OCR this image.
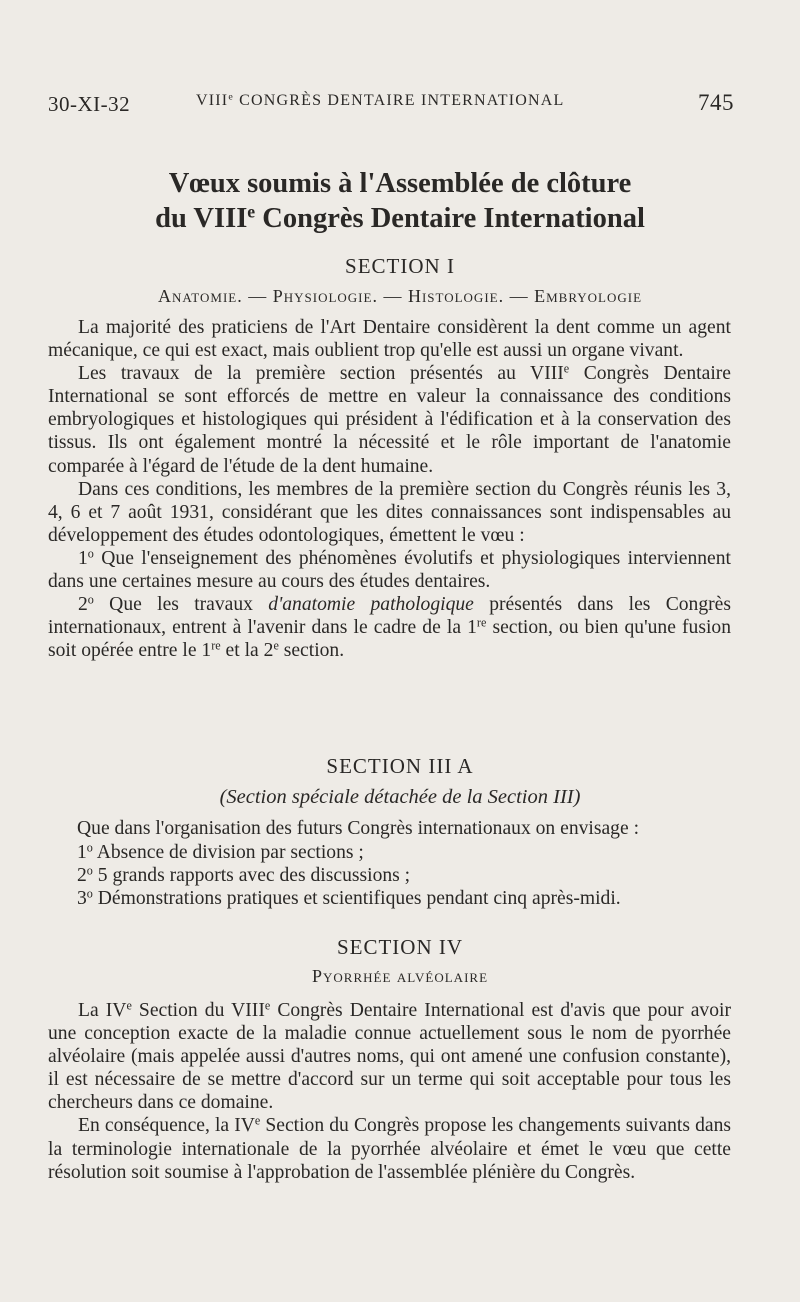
30-XI-32	VIIIe CONGRÈS DENTAIRE INTERNATIONAL	745
Vœux soumis à l'Assemblée de clôture
du VIIIe Congrès Dentaire International
SECTION I
Anatomie. — Physiologie. — Histologie. — Embryologie

La majorité des praticiens de l'Art Dentaire considèrent la dent comme un agent mécanique, ce qui est exact, mais oublient trop qu'elle est aussi un organe vivant.

Les travaux de la première section présentés au VIIIe Congrès Dentaire International se sont efforcés de mettre en valeur la connaissance des conditions embryologiques et histologiques qui président à l'édification et à la conservation des tissus. Ils ont également montré la nécessité et le rôle important de l'anatomie comparée à l'égard de l'étude de la dent humaine.

Dans ces conditions, les membres de la première section du Congrès réunis les 3, 4, 6 et 7 août 1931, considérant que les dites connaissances sont indispensables au développement des études odontologiques, émettent le vœu :

1$^o$ Que l'enseignement des phénomènes évolutifs et physiologiques interviennent dans une certaines mesure au cours des études dentaires.

2$^o$ Que les travaux d'anatomie pathologique présentés dans les Congrès internationaux, entrent à l'avenir dans le cadre de la 1re section, ou bien qu'une fusion soit opérée entre le 1re et la 2e section.

SECTION III A
(Section spéciale détachée de la Section III)
Que dans l'organisation des futurs Congrès internationaux on envisage :
1$^o$ Absence de division par sections ;
2$^o$ 5 grands rapports avec des discussions ;
3$^o$ Démonstrations pratiques et scientifiques pendant cinq après-midi.
SECTION IV
Pyorrhée alvéolaire

La IVe Section du VIIIe Congrès Dentaire International est d'avis que pour avoir une conception exacte de la maladie connue actuellement sous le nom de pyorrhée alvéolaire (mais appelée aussi d'autres noms, qui ont amené une confusion constante), il est nécessaire de se mettre d'accord sur un terme qui soit acceptable pour tous les chercheurs dans ce domaine.

En conséquence, la IVe Section du Congrès propose les changements suivants dans la terminologie internationale de la pyorrhée alvéolaire et émet le vœu que cette résolution soit soumise à l'approbation de l'assemblée plénière du Congrès.
